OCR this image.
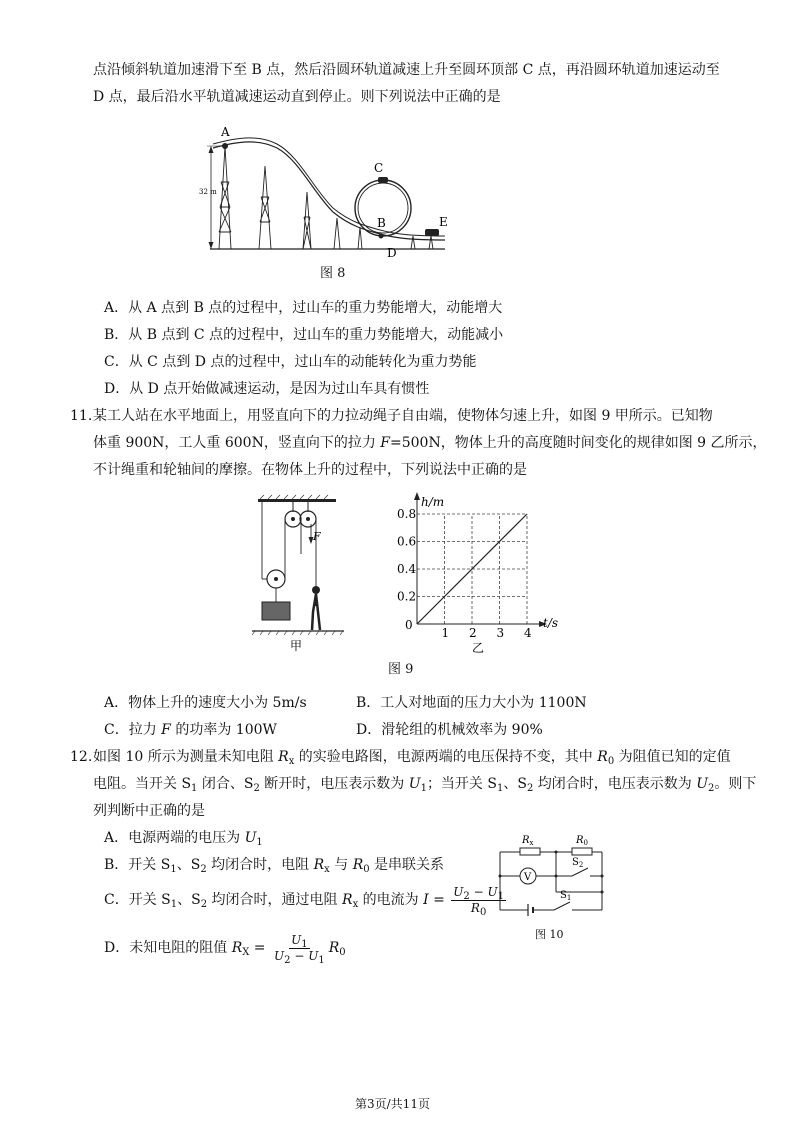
点沿倾斜轨道加速滑下至 B 点，然后沿圆环轨道减速上升至圆环顶部 C 点，再沿圆环轨道加速运动至
D 点，最后沿水平轨道减速运动直到停止。则下列说法中正确的是
32 m
A
C
B
D
E
图 8
A．从 A 点到 B 点的过程中，过山车的重力势能增大，动能增大
B．从 B 点到 C 点的过程中，过山车的重力势能增大，动能减小
C．从 C 点到 D 点的过程中，过山车的动能转化为重力势能
D．从 D 点开始做减速运动，是因为过山车具有惯性
11. 某工人站在水平地面上，用竖直向下的力拉动绳子自由端，使物体匀速上升，如图 9 甲所示。已知物
体重 900N，工人重 600N，竖直向下的拉力 F=500N，物体上升的高度随时间变化的规律如图 9 乙所示，
不计绳重和轮轴间的摩擦。在物体上升的过程中，下列说法中正确的是
F
甲
1 2 3 4
0.2
0.4
0.6
0.8
h/m
t/s
0
乙
图 9
A．物体上升的速度大小为 5m/s	B．工人对地面的压力大小为 1100N
C．拉力 F 的功率为 100W	D．滑轮组的机械效率为 90%
12. 如图 10 所示为测量未知电阻 $R_x$ 的实验电路图，电源两端的电压保持不变，其中 $R_0$ 为阻值已知的定值
电阻。当开关 $S_1$ 闭合、$S_2$ 断开时，电压表示数为 $U_1$；当开关 $S_1$、$S_2$ 均闭合时，电压表示数为 $U_2$。则下
列判断中正确的是
A．电源两端的电压为 $U_1$
B．开关 $S_1$、$S_2$ 均闭合时，电阻 $R_x$ 与 $R_0$ 是串联关系
C．开关 $S_1$、$S_2$ 均闭合时，通过电阻 $R_x$ 的电流为 $I = \frac{U_2 - U_1}{R_0}$
D．未知电阻的阻值 $R_X = \frac{U_1}{U_2 - U_1} R_0$
V
$R_x$	$R_0$
$S_2$
$S_1$
图 10
第3页/共11页
